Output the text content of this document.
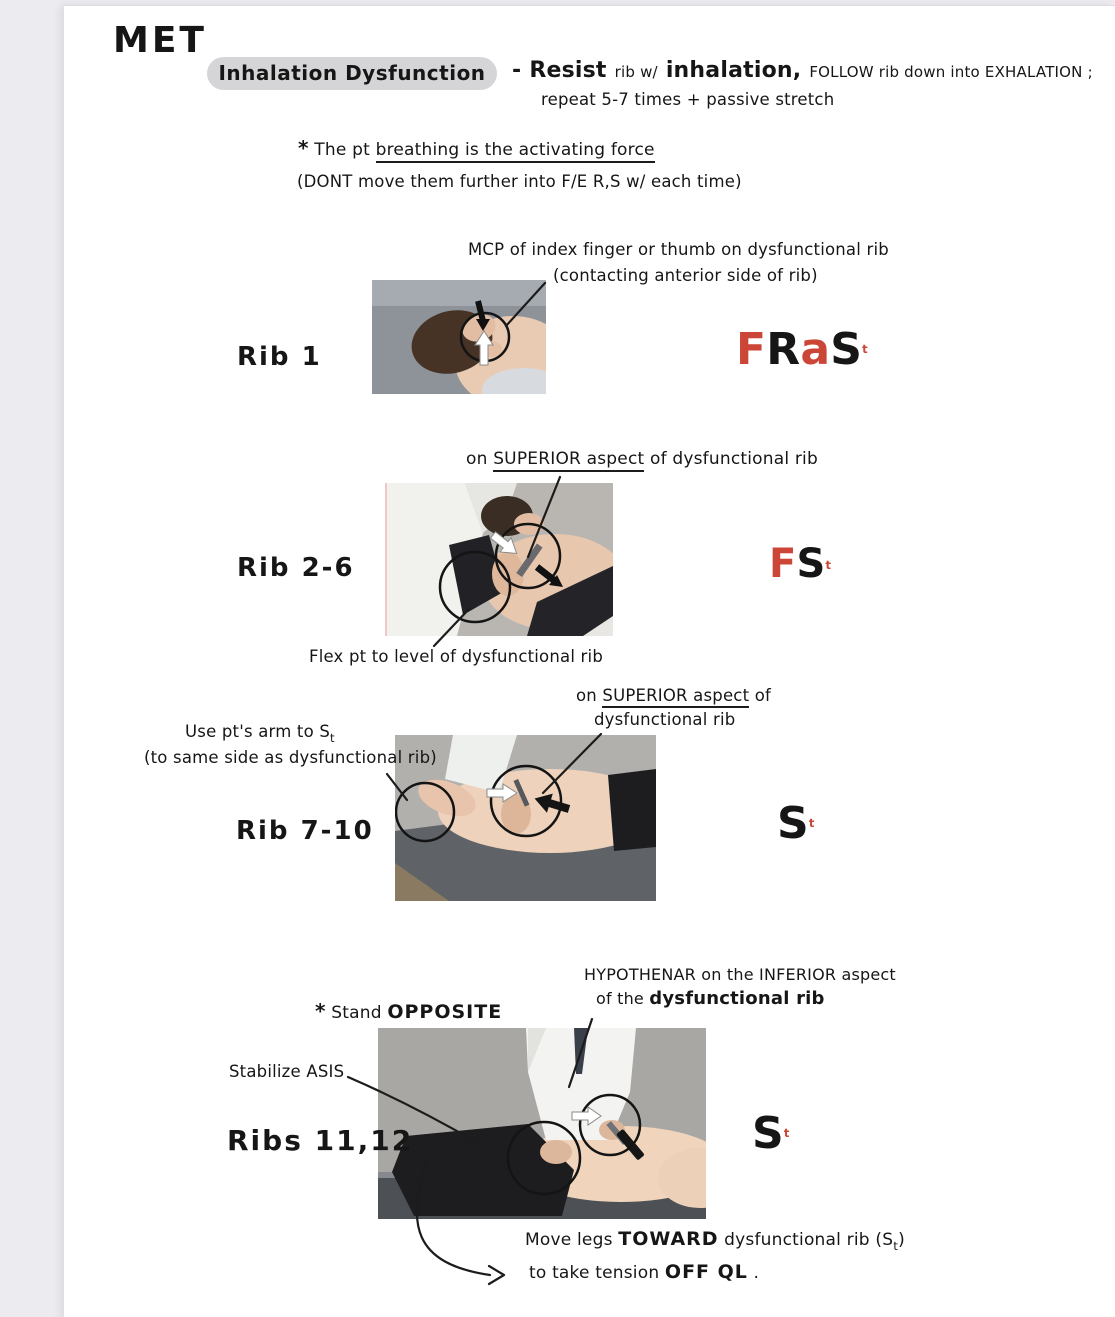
MET
Inhalation Dysfunction	- Resist rib w/ inhalation, FOLLOW rib down into EXHALATION ;
repeat 5-7 times + passive stretch
* The pt breathing is the activating force
(DONT move them further into F/E R,S w/ each time)
MCP of index finger or thumb on dysfunctional rib
(contacting anterior side of rib)
Rib 1	F R a S t
on SUPERIOR aspect of dysfunctional rib
Rib 2-6	F S t
Flex pt to level of dysfunctional rib
on SUPERIOR aspect of
dysfunctional rib
Use pt's arm to $S_t$
(to same side as dysfunctional rib)
Rib 7-10	S t
HYPOTHENAR on the INFERIOR aspect
of the dysfunctional rib
* Stand OPPOSITE
Stabilize ASIS
Ribs 11,12	S t
Move legs TOWARD dysfunctional rib $(S_t)$
to take tension OFF QL .
